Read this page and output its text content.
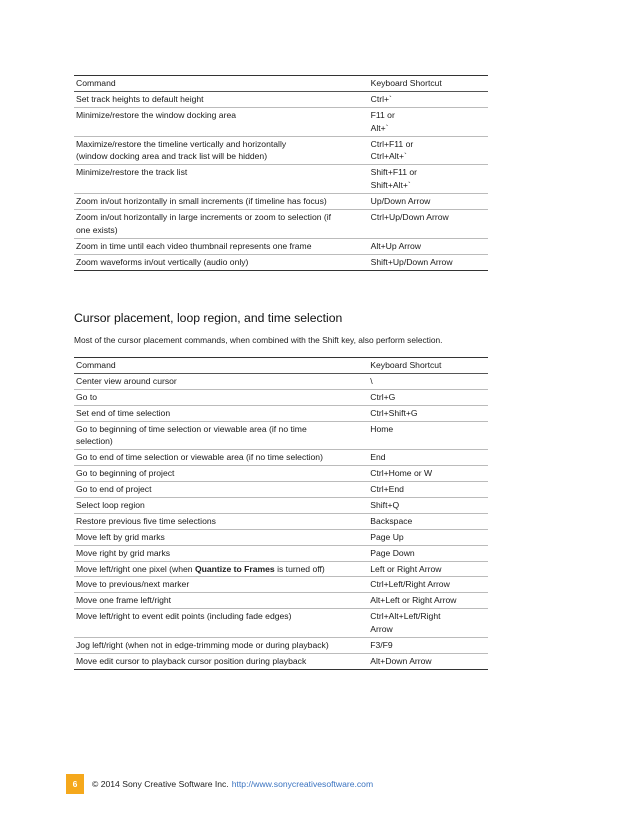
Command	Keyboard Shortcut

Set track heights to default height	Ctrl+`

Minimize/restore the window docking area	F11 or
Alt+`

Maximize/restore the timeline vertically and horizontally
(window docking area and track list will be hidden)	Ctrl+F11 or
Ctrl+Alt+`

Minimize/restore the track list	Shift+F11 or
Shift+Alt+`

Zoom in/out horizontally in small increments (if timeline has focus)	Up/Down Arrow

Zoom in/out horizontally in large increments or zoom to selection (if
one exists)	Ctrl+Up/Down Arrow

Zoom in time until each video thumbnail represents one frame	Alt+Up Arrow

Zoom waveforms in/out vertically (audio only)	Shift+Up/Down Arrow
Cursor placement, loop region, and time selection

Most of the cursor placement commands, when combined with the Shift key, also perform selection.

Command	Keyboard Shortcut

Center view around cursor	\

Go to	Ctrl+G

Set end of time selection	Ctrl+Shift+G

Go to beginning of time selection or viewable area (if no time
selection)	Home

Go to end of time selection or viewable area (if no time selection)	End

Go to beginning of project	Ctrl+Home or W

Go to end of project	Ctrl+End

Select loop region	Shift+Q

Restore previous five time selections	Backspace

Move left by grid marks	Page Up

Move right by grid marks	Page Down

Move left/right one pixel (when Quantize to Frames is turned off)	Left or Right Arrow

Move to previous/next marker	Ctrl+Left/Right Arrow

Move one frame left/right	Alt+Left or Right Arrow

Move left/right to event edit points (including fade edges)	Ctrl+Alt+Left/Right
Arrow

Jog left/right (when not in edge-trimming mode or during playback)	F3/F9

Move edit cursor to playback cursor position during playback	Alt+Down Arrow
6	© 2014 Sony Creative Software Inc. http://www.sonycreativesoftware.com
